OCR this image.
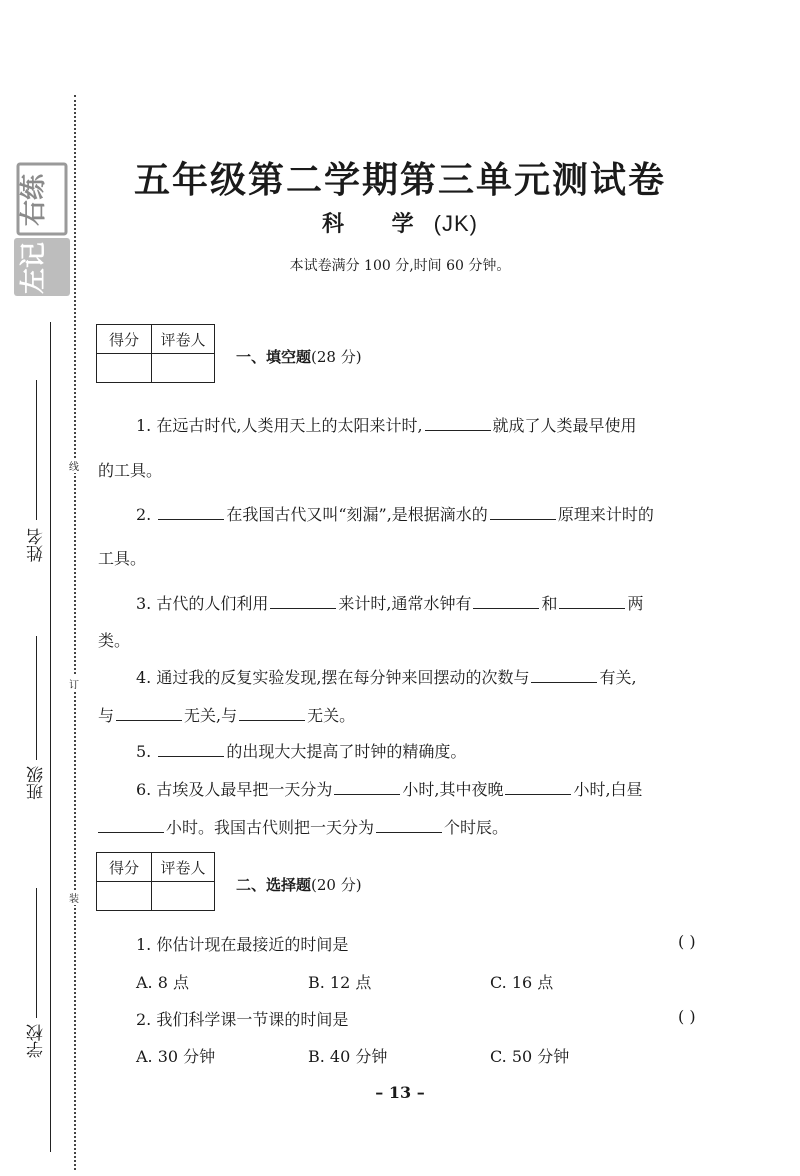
左记
右练
姓名
班级
学校
线
订
装
五年级第二学期第三单元测试卷
科 学(JK)
本试卷满分 100 分,时间 60 分钟。
得分	评卷人

一、填空题(28 分)
1. 在远古时代,人类用天上的太阳来计时,	就成了人类最早使用
的工具。
2.	在我国古代又叫“刻漏”,是根据滴水的	原理来计时的
工具。
3. 古代的人们利用	来计时,通常水钟有	和	两
类。
4. 通过我的反复实验发现,摆在每分钟来回摆动的次数与	有关,
与	无关,与	无关。
5.	的出现大大提高了时钟的精确度。
6. 古埃及人最早把一天分为	小时,其中夜晚	小时,白昼
小时。我国古代则把一天分为	个时辰。
得分	评卷人

二、选择题(20 分)
1. 你估计现在最接近的时间是	( )
A. 8 点	B. 12 点	C. 16 点
2. 我们科学课一节课的时间是	( )
A. 30 分钟	B. 40 分钟	C. 50 分钟
– 13 –
